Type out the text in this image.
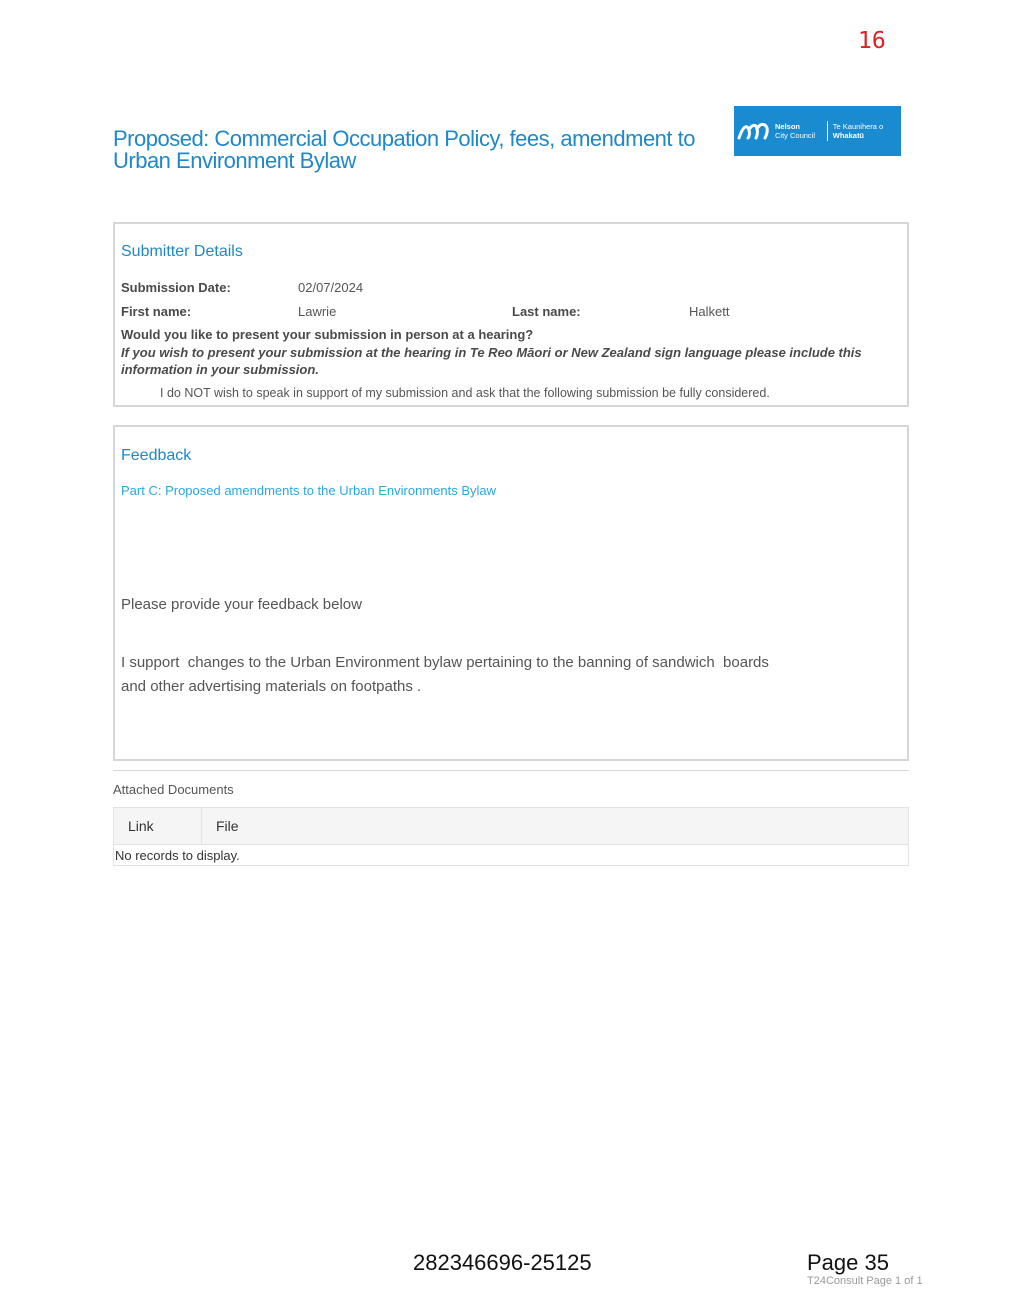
16
Proposed: Commercial Occupation Policy, fees, amendment to Urban Environment Bylaw
Nelson
City Council
Te Kaunihera o
Whakatū
Submitter Details
Submission Date:	02/07/2024
First name:	Lawrie	Last name:	Halkett
Would you like to present your submission in person at a hearing?
If you wish to present your submission at the hearing in Te Reo Māori or New Zealand sign language please include this information in your submission.
I do NOT wish to speak in support of my submission and ask that the following submission be fully considered.
Feedback
Part C: Proposed amendments to the Urban Environments Bylaw
Please provide your feedback below
I support  changes to the Urban Environment bylaw pertaining to the banning of sandwich  boards
and other advertising materials on footpaths .
Attached Documents
Link	File
No records to display.
282346696-25125	Page 35
T24Consult Page 1 of 1
